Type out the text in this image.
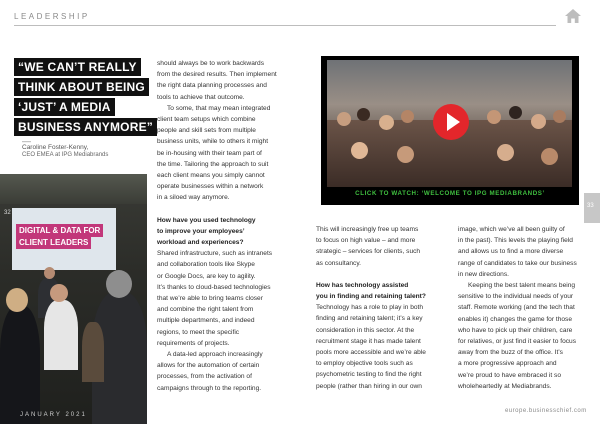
LEADERSHIP
“WE CAN’T REALLY
THINK ABOUT BEING
‘JUST’ A MEDIA
BUSINESS ANYMORE”
—
Caroline Foster-Kenny,
CEO EMEA at IPG Mediabrands
DIGITAL & DATA FOR
CLIENT LEADERS
32
JANUARY 2021

should always be to work backwards

from the desired results. Then implement

the right data planning processes and

tools to achieve that outcome.

To some, that may mean integrated

client team setups which combine

people and skill sets from multiple

business units, while to others it might

be in-housing with their team part of

the time. Tailoring the approach to suit

each client means you simply cannot

operate businesses within a network

in a siloed way anymore.

How have you used technology

to improve your employees’

workload and experiences?

Shared infrastructure, such as intranets

and collaboration tools like Skype

or Google Docs, are key to agility.

It’s thanks to cloud-based technologies

that we’re able to bring teams closer

and combine the right talent from

multiple departments, and indeed

regions, to meet the specific

requirements of projects.

A data-led approach increasingly

allows for the automation of certain

processes, from the activation of

campaigns through to the reporting.

CLICK TO WATCH: ‘WELCOME TO IPG MEDIABRANDS’

This will increasingly free up teams

to focus on high value – and more

strategic – services for clients, such

as consultancy.

How has technology assisted

you in finding and retaining talent?

Technology has a role to play in both

finding and retaining talent; it’s a key

consideration in this sector. At the

recruitment stage it has made talent

pools more accessible and we’re able

to employ objective tools such as

psychometric testing to find the right

people (rather than hiring in our own

image, which we’ve all been guilty of

in the past). This levels the playing field

and allows us to find a more diverse

range of candidates to take our business

in new directions.

Keeping the best talent means being

sensitive to the individual needs of your

staff. Remote working (and the tech that

enables it) changes the game for those

who have to pick up their children, care

for relatives, or just find it easier to focus

away from the buzz of the office. It’s

a more progressive approach and

we’re proud to have embraced it so

wholeheartedly at Mediabrands.

33
europe.businesschief.com
